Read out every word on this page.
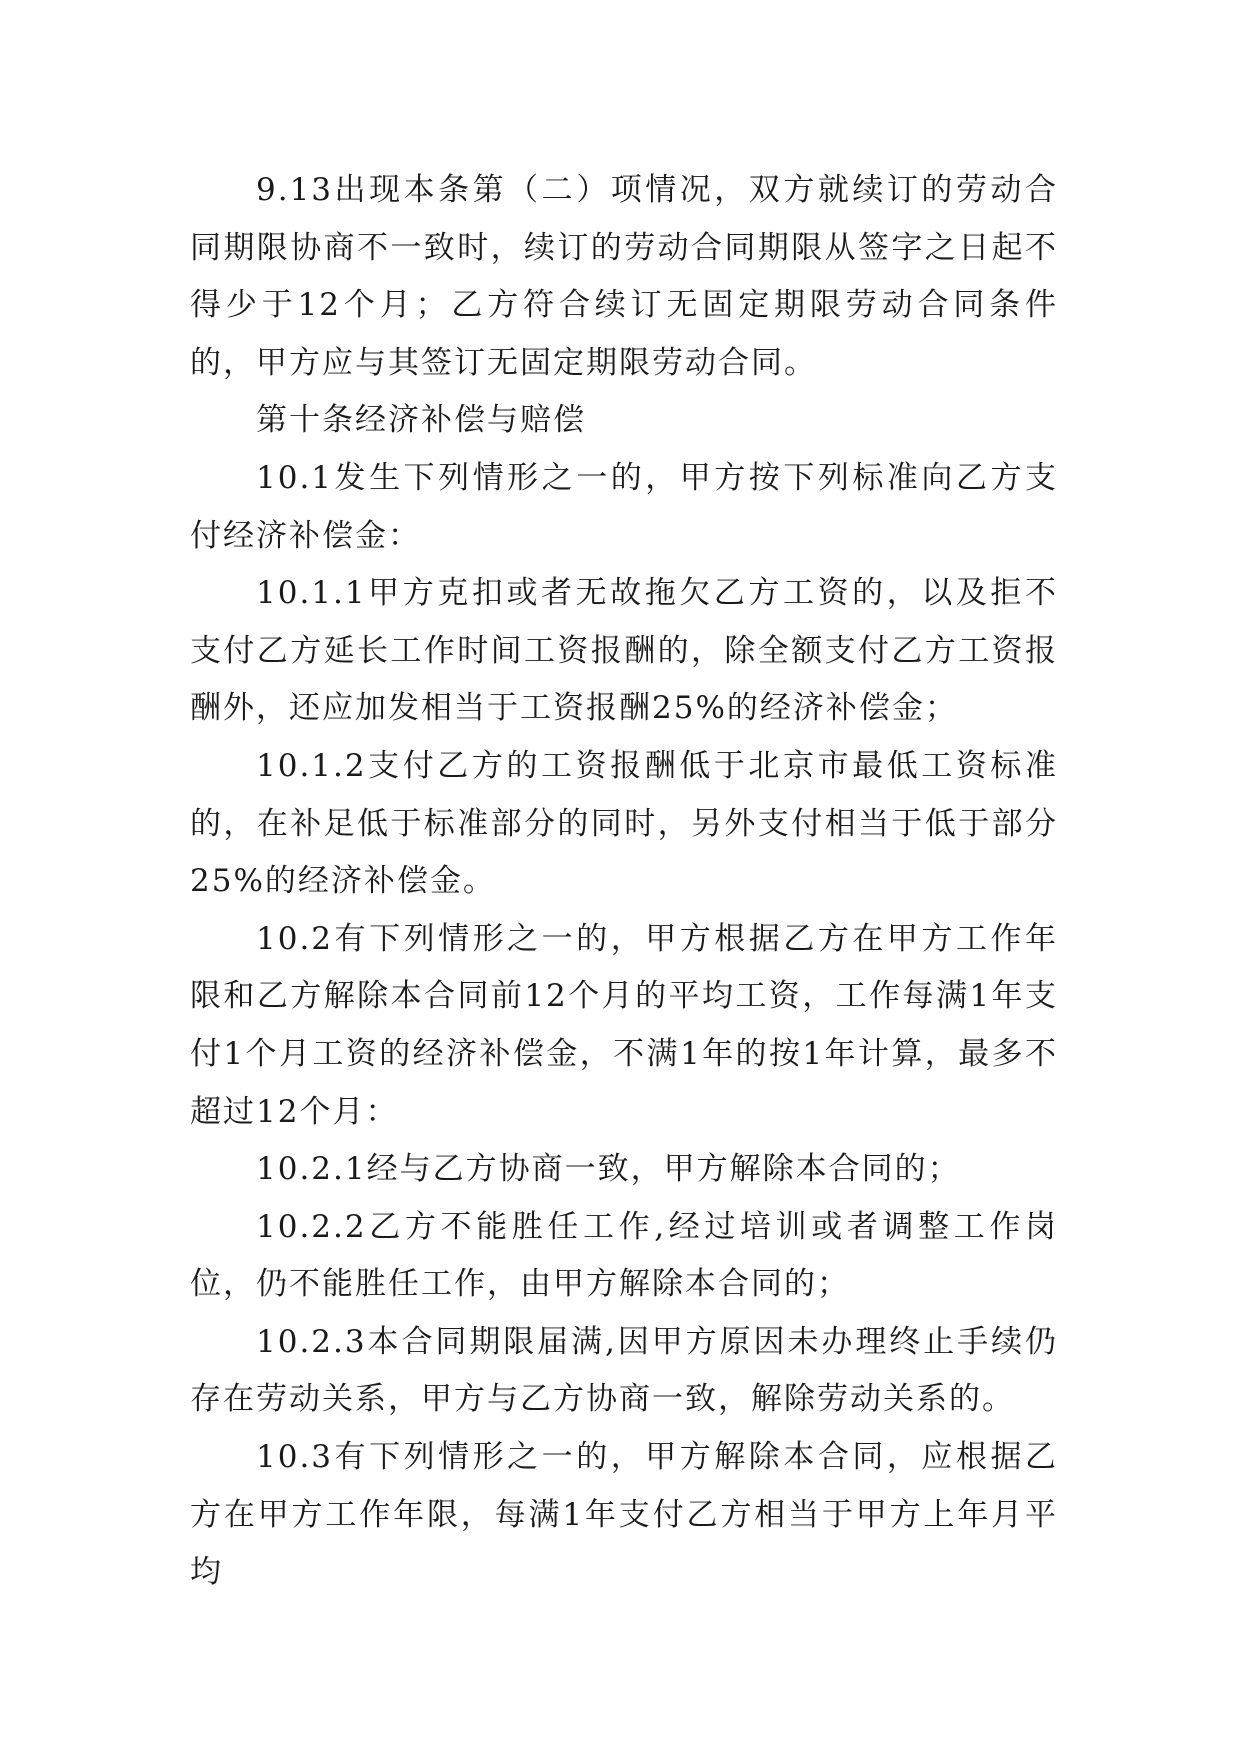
9.13出现本条第（二）项情况，双方就续订的劳动合同期限协商不一致时，续订的劳动合同期限从签字之日起不得少于12个月；乙方符合续订无固定期限劳动合同条件的，甲方应与其签订无固定期限劳动合同。

第十条经济补偿与赔偿

10.1发生下列情形之一的，甲方按下列标准向乙方支付经济补偿金：

10.1.1甲方克扣或者无故拖欠乙方工资的，以及拒不支付乙方延长工作时间工资报酬的，除全额支付乙方工资报酬外，还应加发相当于工资报酬25%的经济补偿金；

10.1.2支付乙方的工资报酬低于北京市最低工资标准的，在补足低于标准部分的同时，另外支付相当于低于部分25%的经济补偿金。

10.2有下列情形之一的，甲方根据乙方在甲方工作年限和乙方解除本合同前12个月的平均工资，工作每满1年支付1个月工资的经济补偿金，不满1年的按1年计算，最多不超过12个月：

10.2.1经与乙方协商一致，甲方解除本合同的；

10.2.2乙方不能胜任工作,经过培训或者调整工作岗位，仍不能胜任工作，由甲方解除本合同的；

10.2.3本合同期限届满,因甲方原因未办理终止手续仍存在劳动关系，甲方与乙方协商一致，解除劳动关系的。

10.3有下列情形之一的，甲方解除本合同，应根据乙方在甲方工作年限，每满1年支付乙方相当于甲方上年月平均
